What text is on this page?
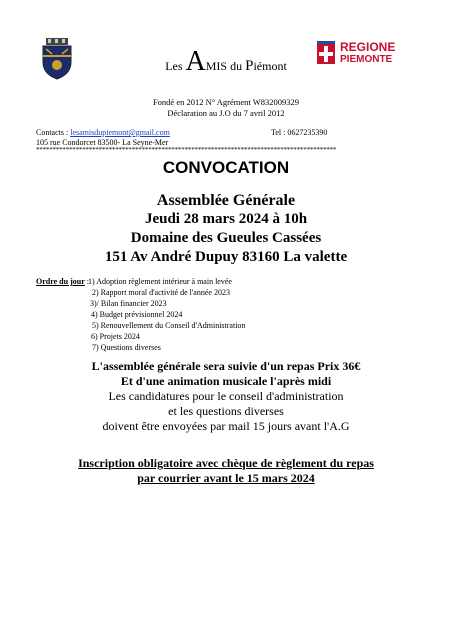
Les AMIS du Piémont
REGIONE
PIEMONTE
Fondé en 2012 N° Agrément W832009329
Déclaration au J.O du 7 avril 2012
Contacts : lesamisdupiemont@gmail.com	Tel : 0627235390
105 rue Condorcet 83500- La Seyne-Mer
*******************************************************************************************
CONVOCATION
Assemblée Générale
Jeudi 28 mars 2024 à 10h
Domaine des Gueules Cassées
151 Av André Dupuy 83160 La valette
Ordre du jour : 1) Adoption règlement intérieur à main levée
2) Rapport moral d'activité de l'année 2023
3)/ Bilan financier 2023
4) Budget prévisionnel 2024
5) Renouvellement du Conseil d'Administration
6) Projets 2024
7) Questions diverses
L'assemblée générale sera suivie d'un repas Prix 36€
Et d'une animation musicale l'après midi
Les candidatures pour le conseil d'administration
et les questions diverses
doivent être envoyées par mail 15 jours avant l'A.G
Inscription obligatoire avec chèque de règlement du repas
par courrier avant le 15 mars 2024
